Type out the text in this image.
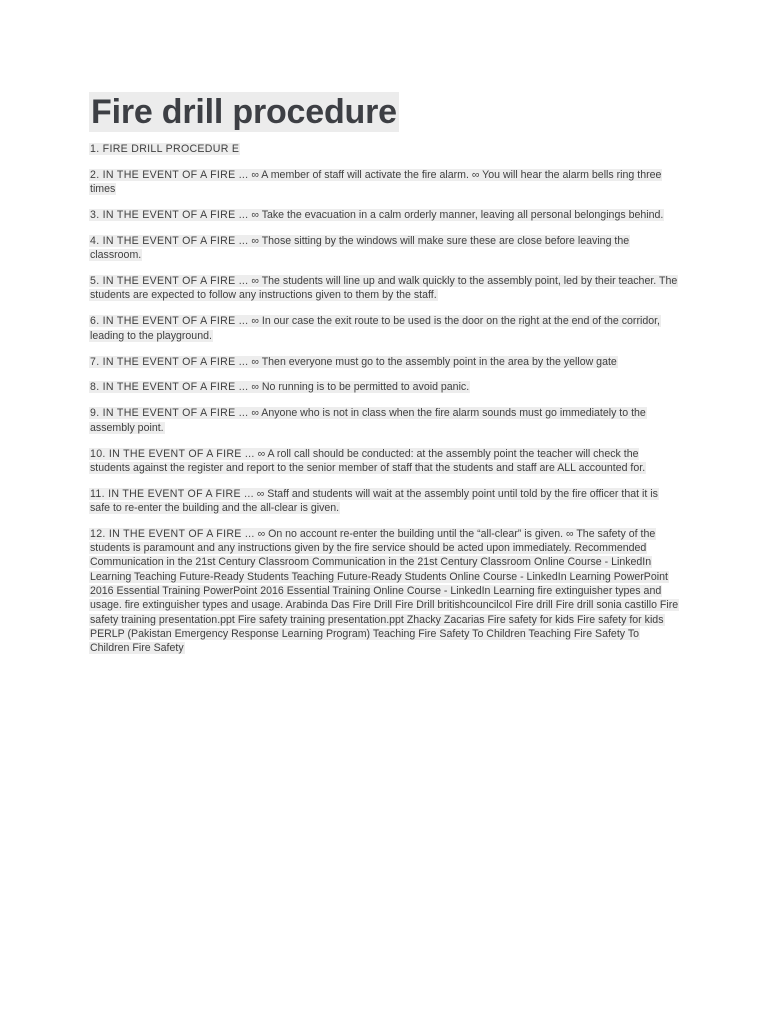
Fire drill procedure
1. FIRE DRILL PROCEDUR E
2. IN THE EVENT OF A FIRE ... ∞ A member of staff will activate the fire alarm. ∞ You will hear the alarm bells ring three times
3. IN THE EVENT OF A FIRE ... ∞ Take the evacuation in a calm orderly manner, leaving all personal belongings behind.
4. IN THE EVENT OF A FIRE ... ∞ Those sitting by the windows will make sure these are close before leaving the classroom.
5. IN THE EVENT OF A FIRE ... ∞ The students will line up and walk quickly to the assembly point, led by their teacher. The students are expected to follow any instructions given to them by the staff.
6. IN THE EVENT OF A FIRE ... ∞ In our case the exit route to be used is the door on the right at the end of the corridor, leading to the playground.
7. IN THE EVENT OF A FIRE ... ∞ Then everyone must go to the assembly point in the area by the yellow gate
8. IN THE EVENT OF A FIRE ... ∞ No running is to be permitted to avoid panic.
9. IN THE EVENT OF A FIRE ... ∞ Anyone who is not in class when the fire alarm sounds must go immediately to the assembly point.
10. IN THE EVENT OF A FIRE ... ∞ A roll call should be conducted: at the assembly point the teacher will check the students against the register and report to the senior member of staff that the students and staff are ALL accounted for.
11. IN THE EVENT OF A FIRE ... ∞ Staff and students will wait at the assembly point until told by the fire officer that it is safe to re-enter the building and the all-clear is given.
12. IN THE EVENT OF A FIRE ... ∞ On no account re-enter the building until the “all-clear” is given. ∞ The safety of the students is paramount and any instructions given by the fire service should be acted upon immediately. Recommended Communication in the 21st Century Classroom Communication in the 21st Century Classroom Online Course - LinkedIn Learning Teaching Future-Ready Students Teaching Future-Ready Students Online Course - LinkedIn Learning PowerPoint 2016 Essential Training PowerPoint 2016 Essential Training Online Course - LinkedIn Learning fire extinguisher types and usage. fire extinguisher types and usage. Arabinda Das Fire Drill Fire Drill britishcouncilcol Fire drill Fire drill sonia castillo Fire safety training presentation.ppt Fire safety training presentation.ppt Zhacky Zacarias Fire safety for kids Fire safety for kids PERLP (Pakistan Emergency Response Learning Program) Teaching Fire Safety To Children Teaching Fire Safety To Children Fire Safety
